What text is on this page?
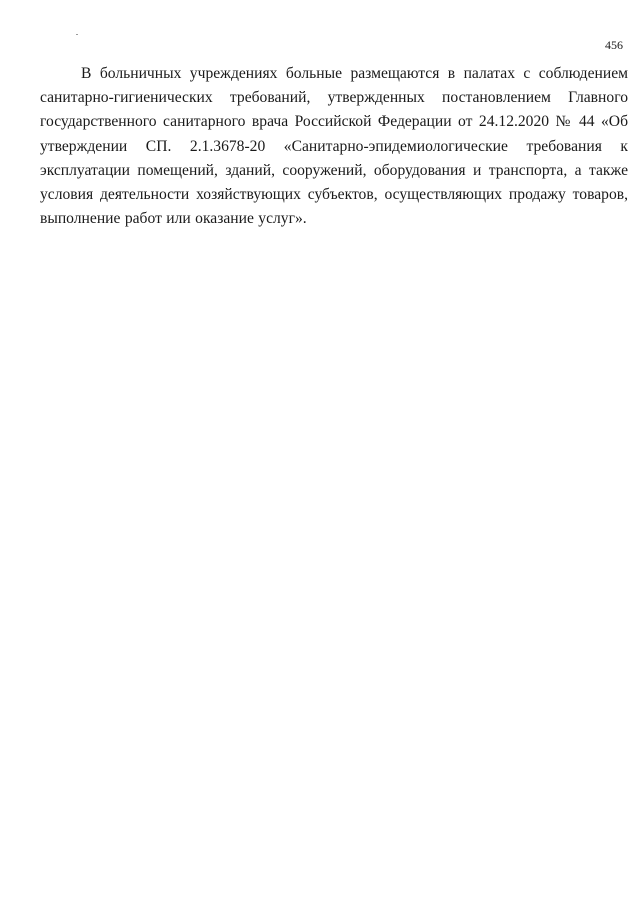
456

В больничных учреждениях больные размещаются в палатах с соблюдением санитарно-гигиенических требований, утвержденных постановлением Главного государственного санитарного врача Российской Федерации от 24.12.2020 № 44 «Об утверждении СП. 2.1.3678-20 «Санитарно-эпидемиологические требования к эксплуатации помещений, зданий, сооружений, оборудования и транспорта, а также условия деятельности хозяйствующих субъектов, осуществляющих продажу товаров, выполнение работ или оказание услуг».
